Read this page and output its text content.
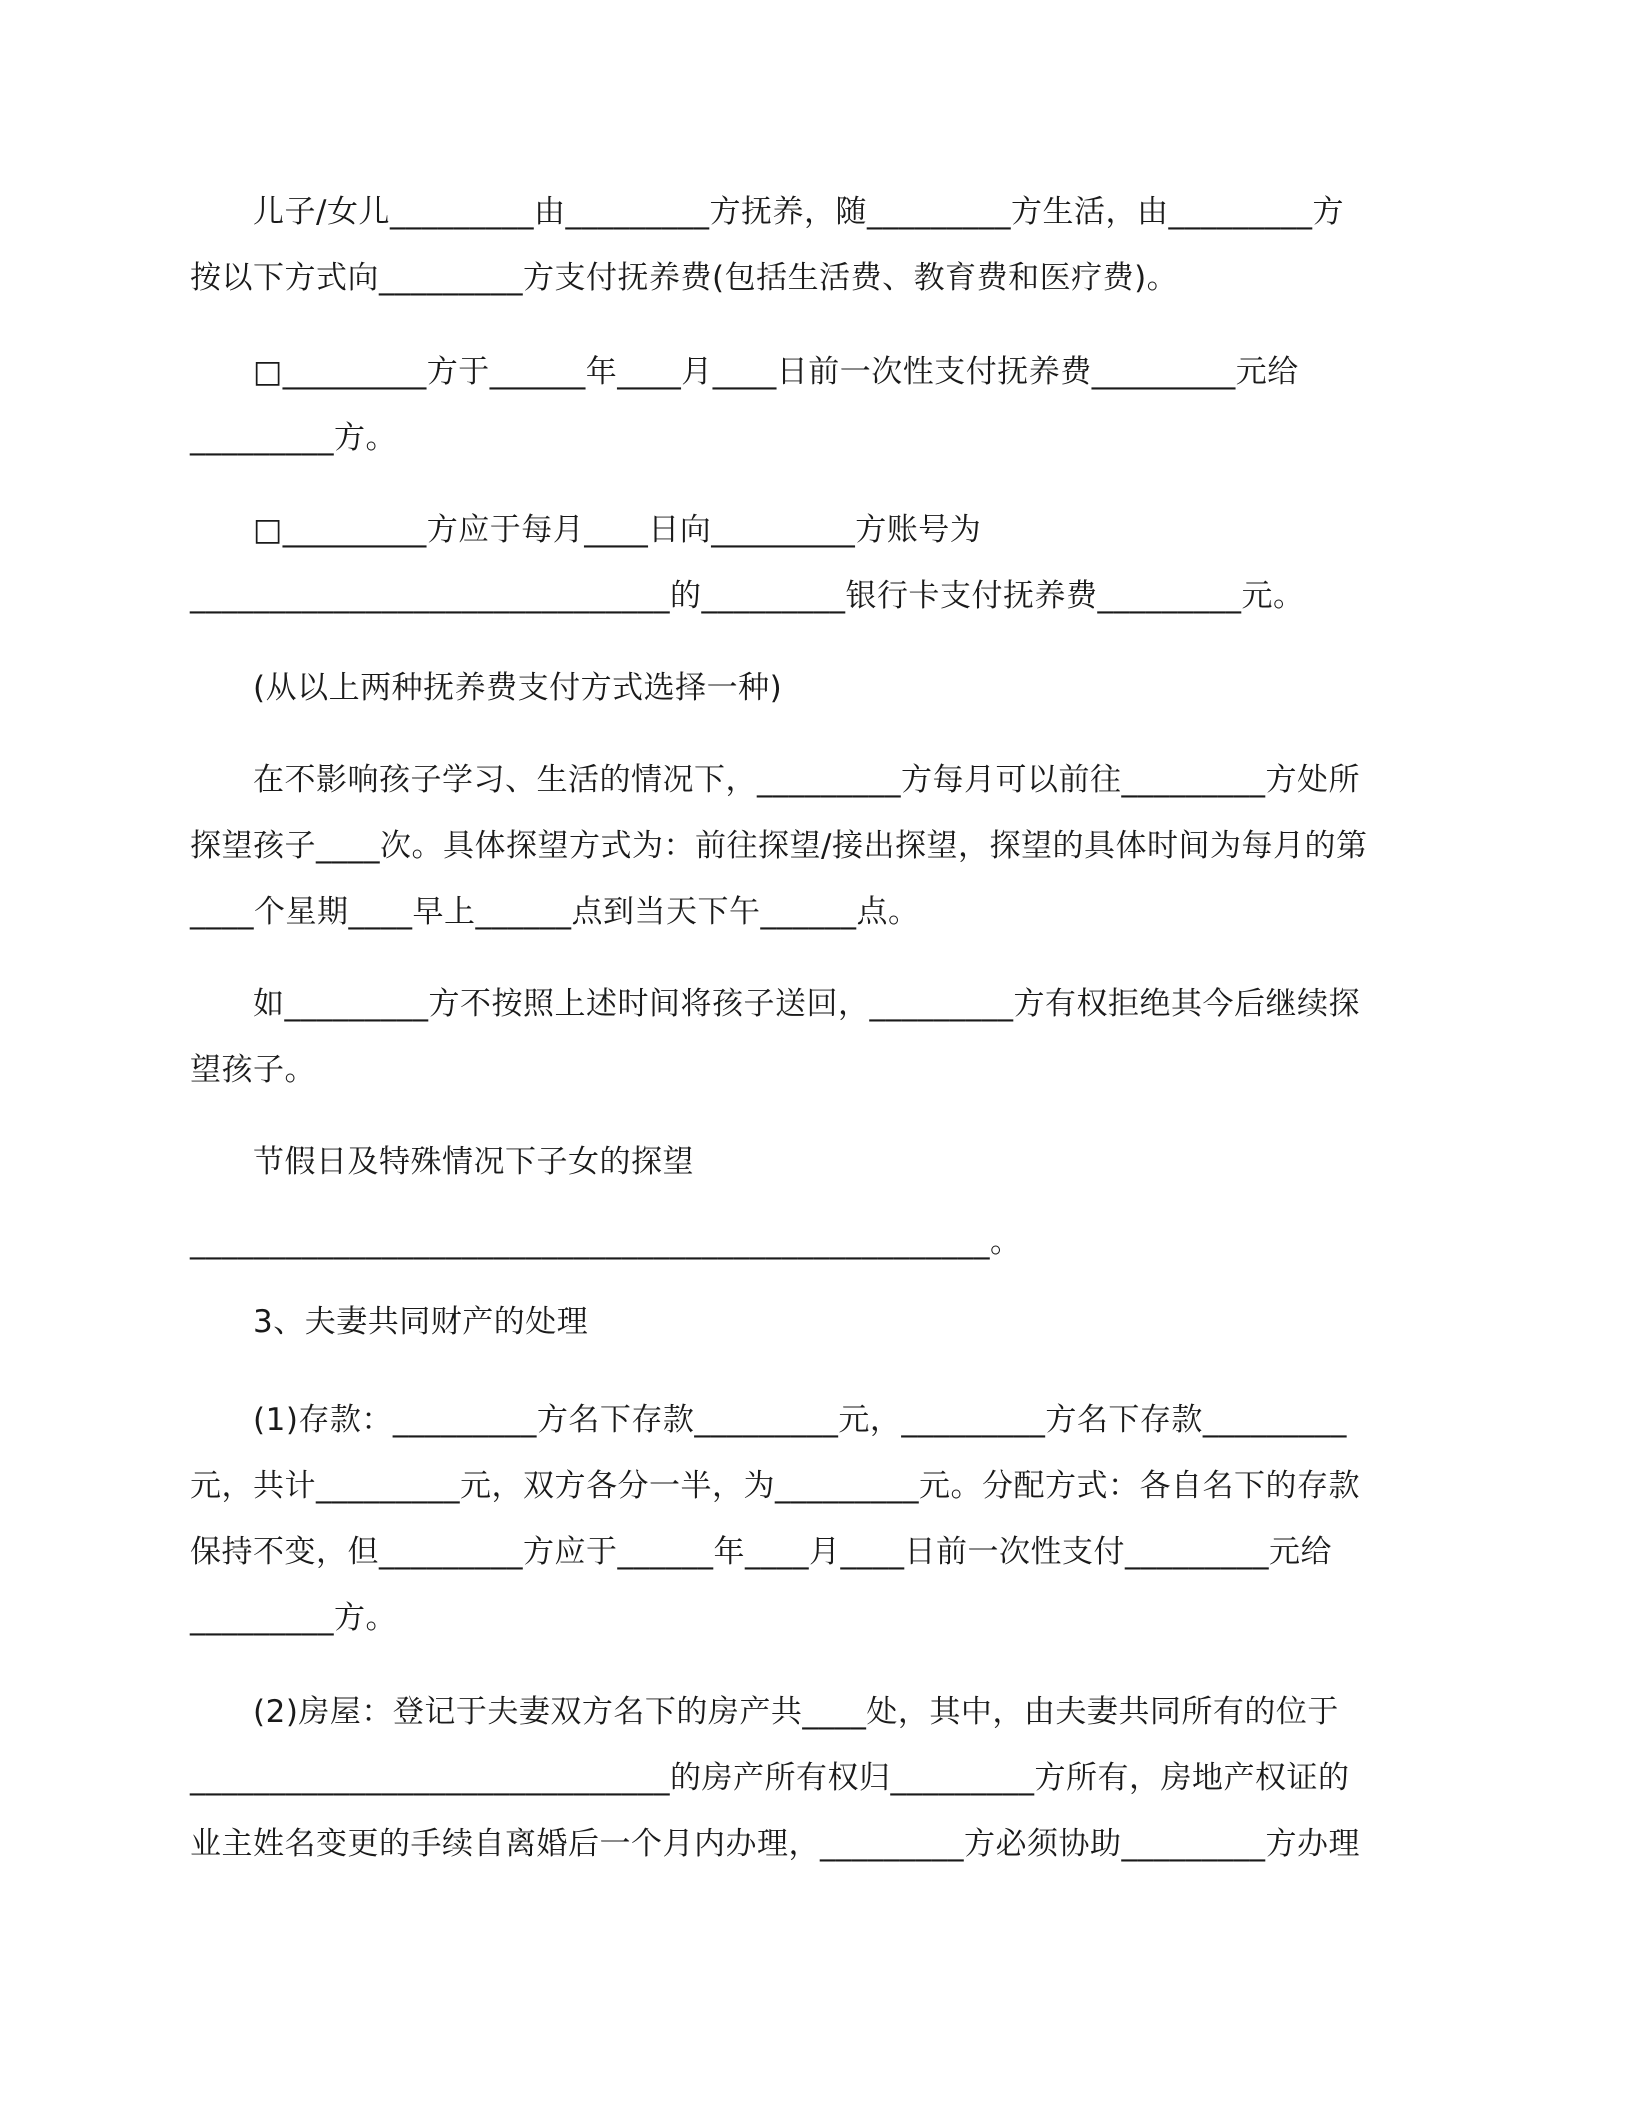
儿子/女儿_________由_________方抚养，随_________方生活，由_________方
按以下方式向_________方支付抚养费(包括生活费、教育费和医疗费)。
□_________方于______年____月____日前一次性支付抚养费_________元给
_________方。
□_________方应于每月____日向_________方账号为
______________________________的_________银行卡支付抚养费_________元。
(从以上两种抚养费支付方式选择一种)
在不影响孩子学习、生活的情况下，_________方每月可以前往_________方处所
探望孩子____次。具体探望方式为：前往探望/接出探望，探望的具体时间为每月的第
____个星期____早上______点到当天下午______点。
如_________方不按照上述时间将孩子送回，_________方有权拒绝其今后继续探
望孩子。
节假日及特殊情况下子女的探望
__________________________________________________。
3、夫妻共同财产的处理
(1)存款：_________方名下存款_________元，_________方名下存款_________
元，共计_________元，双方各分一半，为_________元。分配方式：各自名下的存款
保持不变，但_________方应于______年____月____日前一次性支付_________元给
_________方。
(2)房屋：登记于夫妻双方名下的房产共____处，其中，由夫妻共同所有的位于
______________________________的房产所有权归_________方所有，房地产权证的
业主姓名变更的手续自离婚后一个月内办理，_________方必须协助_________方办理
